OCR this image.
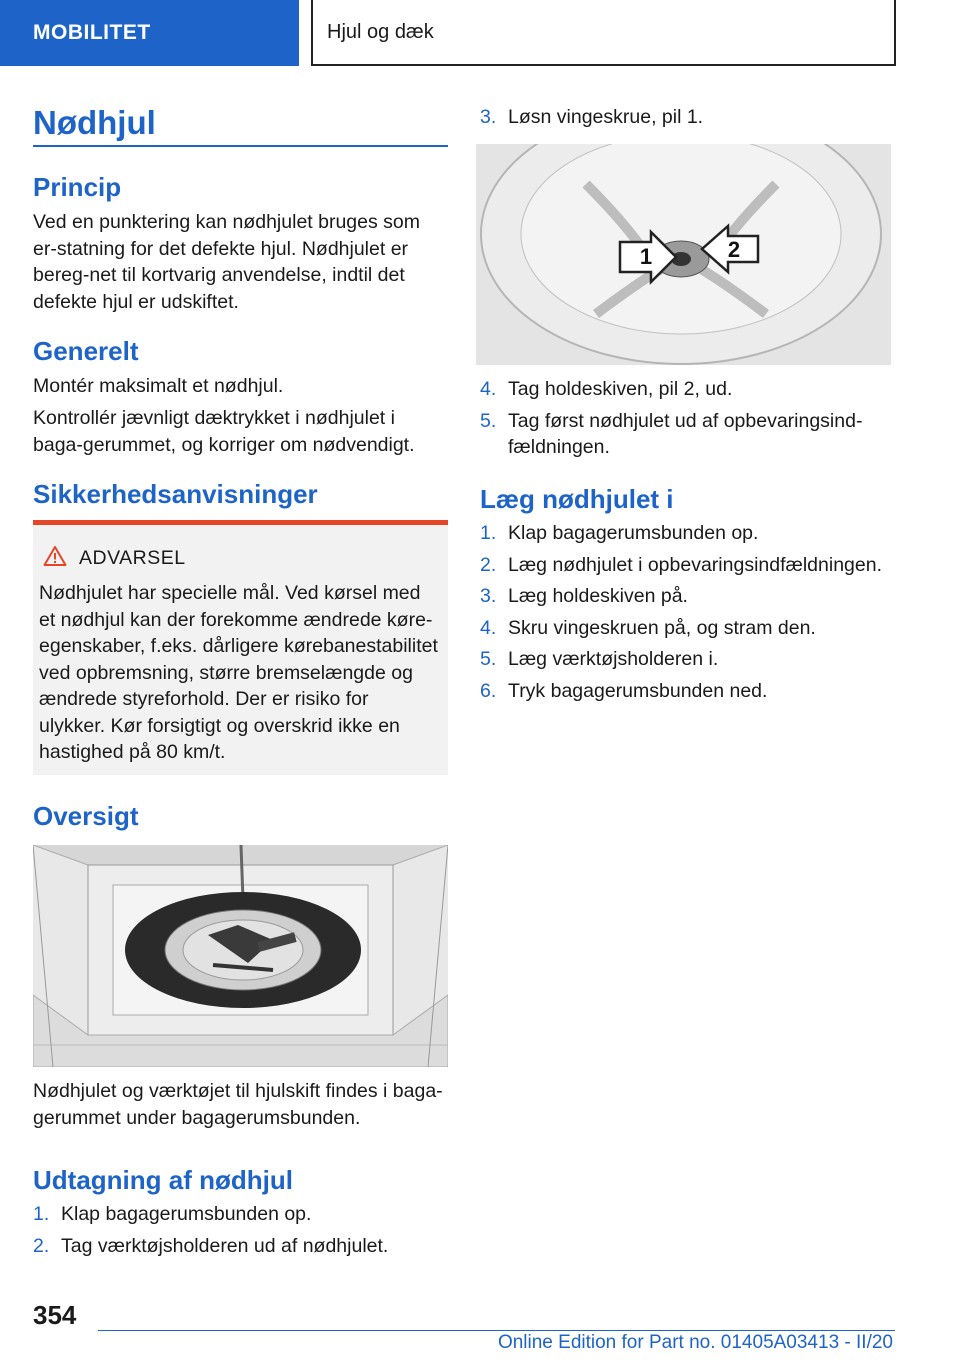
MOBILITET	Hjul og dæk
Nødhjul
Princip
Ved en punktering kan nødhjulet bruges som er-statning for det defekte hjul. Nødhjulet er bereg-net til kortvarig anvendelse, indtil det defekte hjul er udskiftet.
Generelt
Montér maksimalt et nødhjul.
Kontrollér jævnligt dæktrykket i nødhjulet i baga-gerummet, og korriger om nødvendigt.
Sikkerhedsanvisninger
ADVARSEL
Nødhjulet har specielle mål. Ved kørsel med et nødhjul kan der forekomme ændrede køre-egenskaber, f.eks. dårligere kørebanestabilitet ved opbremsning, større bremselængde og ændrede styreforhold. Der er risiko for ulykker. Kør forsigtigt og overskrid ikke en hastighed på 80 km/t.
Oversigt
Nødhjulet og værktøjet til hjulskift findes i baga-gerummet under bagagerumsbunden.
Udtagning af nødhjul
1. Klap bagagerumsbunden op.
2. Tag værktøjsholderen ud af nødhjulet.
3. Løsn vingeskrue, pil 1.
1	2
4. Tag holdeskiven, pil 2, ud.
5. Tag først nødhjulet ud af opbevaringsind-fældningen.
Læg nødhjulet i
1. Klap bagagerumsbunden op.
2. Læg nødhjulet i opbevaringsindfældningen.
3. Læg holdeskiven på.
4. Skru vingeskruen på, og stram den.
5. Læg værktøjsholderen i.
6. Tryk bagagerumsbunden ned.
354
Online Edition for Part no. 01405A03413 - II/20
